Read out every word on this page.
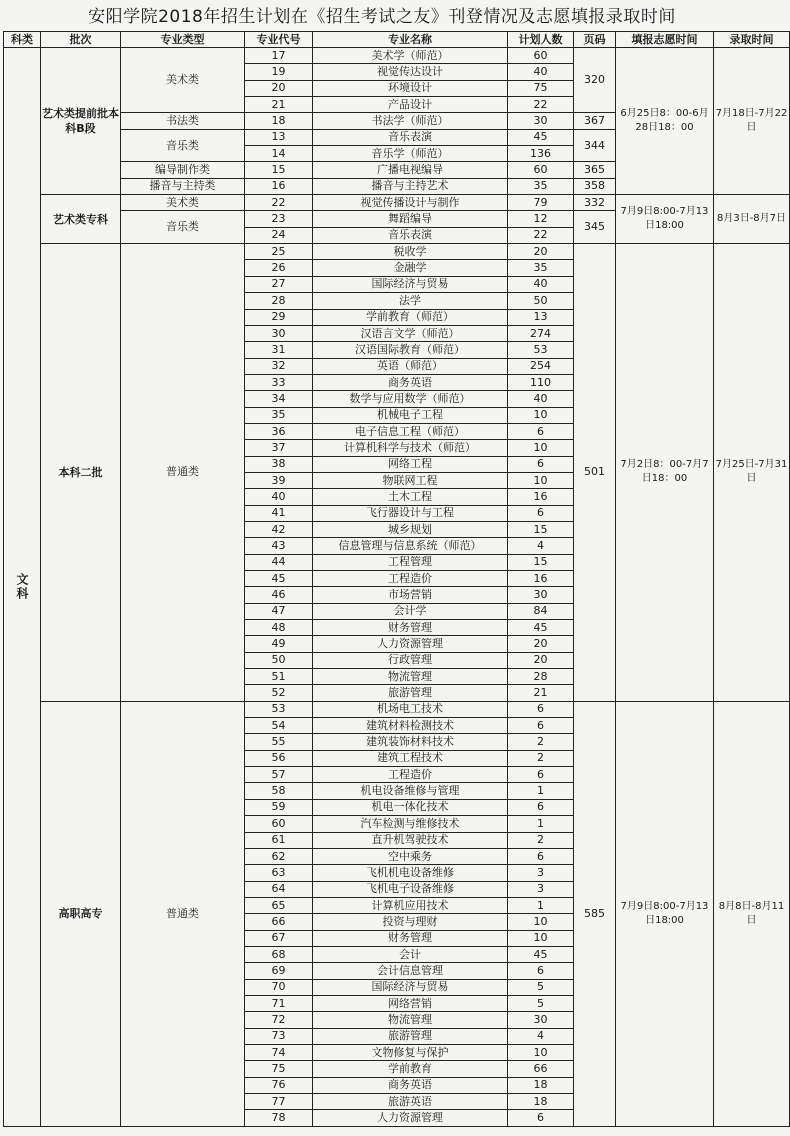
安阳学院2018年招生计划在《招生考试之友》刊登情况及志愿填报录取时间
科类	批次	专业类型	专业代号	专业名称	计划人数	页码	填报志愿时间	录取时间
文科	艺术类提前批本科B段	美术类	17	美术学（师范）	60	320	6月25日8：00-6月28日18：00	7月18日-7月22日
			19	视觉传达设计	40			
			20	环境设计	75			
			21	产品设计	22			
		书法类	18	书法学（师范）	30	367		
		音乐类	13	音乐表演	45	344		
			14	音乐学（师范）	136			
		编导制作类	15	广播电视编导	60	365		
		播音与主持类	16	播音与主持艺术	35	358		
	艺术类专科	美术类	22	视觉传播设计与制作	79	332	7月9日8:00-7月13日18:00	8月3日-8月7日
		音乐类	23	舞蹈编导	12	345		
			24	音乐表演	22			
	本科二批	普通类	25	税收学	20	501	7月2日8：00-7月7日18：00	7月25日-7月31日
			26	金融学	35			
			27	国际经济与贸易	40			
			28	法学	50			
			29	学前教育（师范）	13			
			30	汉语言文学（师范）	274			
			31	汉语国际教育（师范）	53			
			32	英语（师范）	254			
			33	商务英语	110			
			34	数学与应用数学（师范）	40			
			35	机械电子工程	10			
			36	电子信息工程（师范）	6			
			37	计算机科学与技术（师范）	10			
			38	网络工程	6			
			39	物联网工程	10			
			40	土木工程	16			
			41	飞行器设计与工程	6			
			42	城乡规划	15			
			43	信息管理与信息系统（师范）	4			
			44	工程管理	15			
			45	工程造价	16			
			46	市场营销	30			
			47	会计学	84			
			48	财务管理	45			
			49	人力资源管理	20			
			50	行政管理	20			
			51	物流管理	28			
			52	旅游管理	21			
	高职高专	普通类	53	机场电工技术	6	585	7月9日8:00-7月13日18:00	8月8日-8月11日
			54	建筑材料检测技术	6			
			55	建筑装饰材料技术	2			
			56	建筑工程技术	2			
			57	工程造价	6			
			58	机电设备维修与管理	1			
			59	机电一体化技术	6			
			60	汽车检测与维修技术	1			
			61	直升机驾驶技术	2			
			62	空中乘务	6			
			63	飞机机电设备维修	3			
			64	飞机电子设备维修	3			
			65	计算机应用技术	1			
			66	投资与理财	10			
			67	财务管理	10			
			68	会计	45			
			69	会计信息管理	6			
			70	国际经济与贸易	5			
			71	网络营销	5			
			72	物流管理	30			
			73	旅游管理	4			
			74	文物修复与保护	10			
			75	学前教育	66			
			76	商务英语	18			
			77	旅游英语	18			
			78	人力资源管理	6			
